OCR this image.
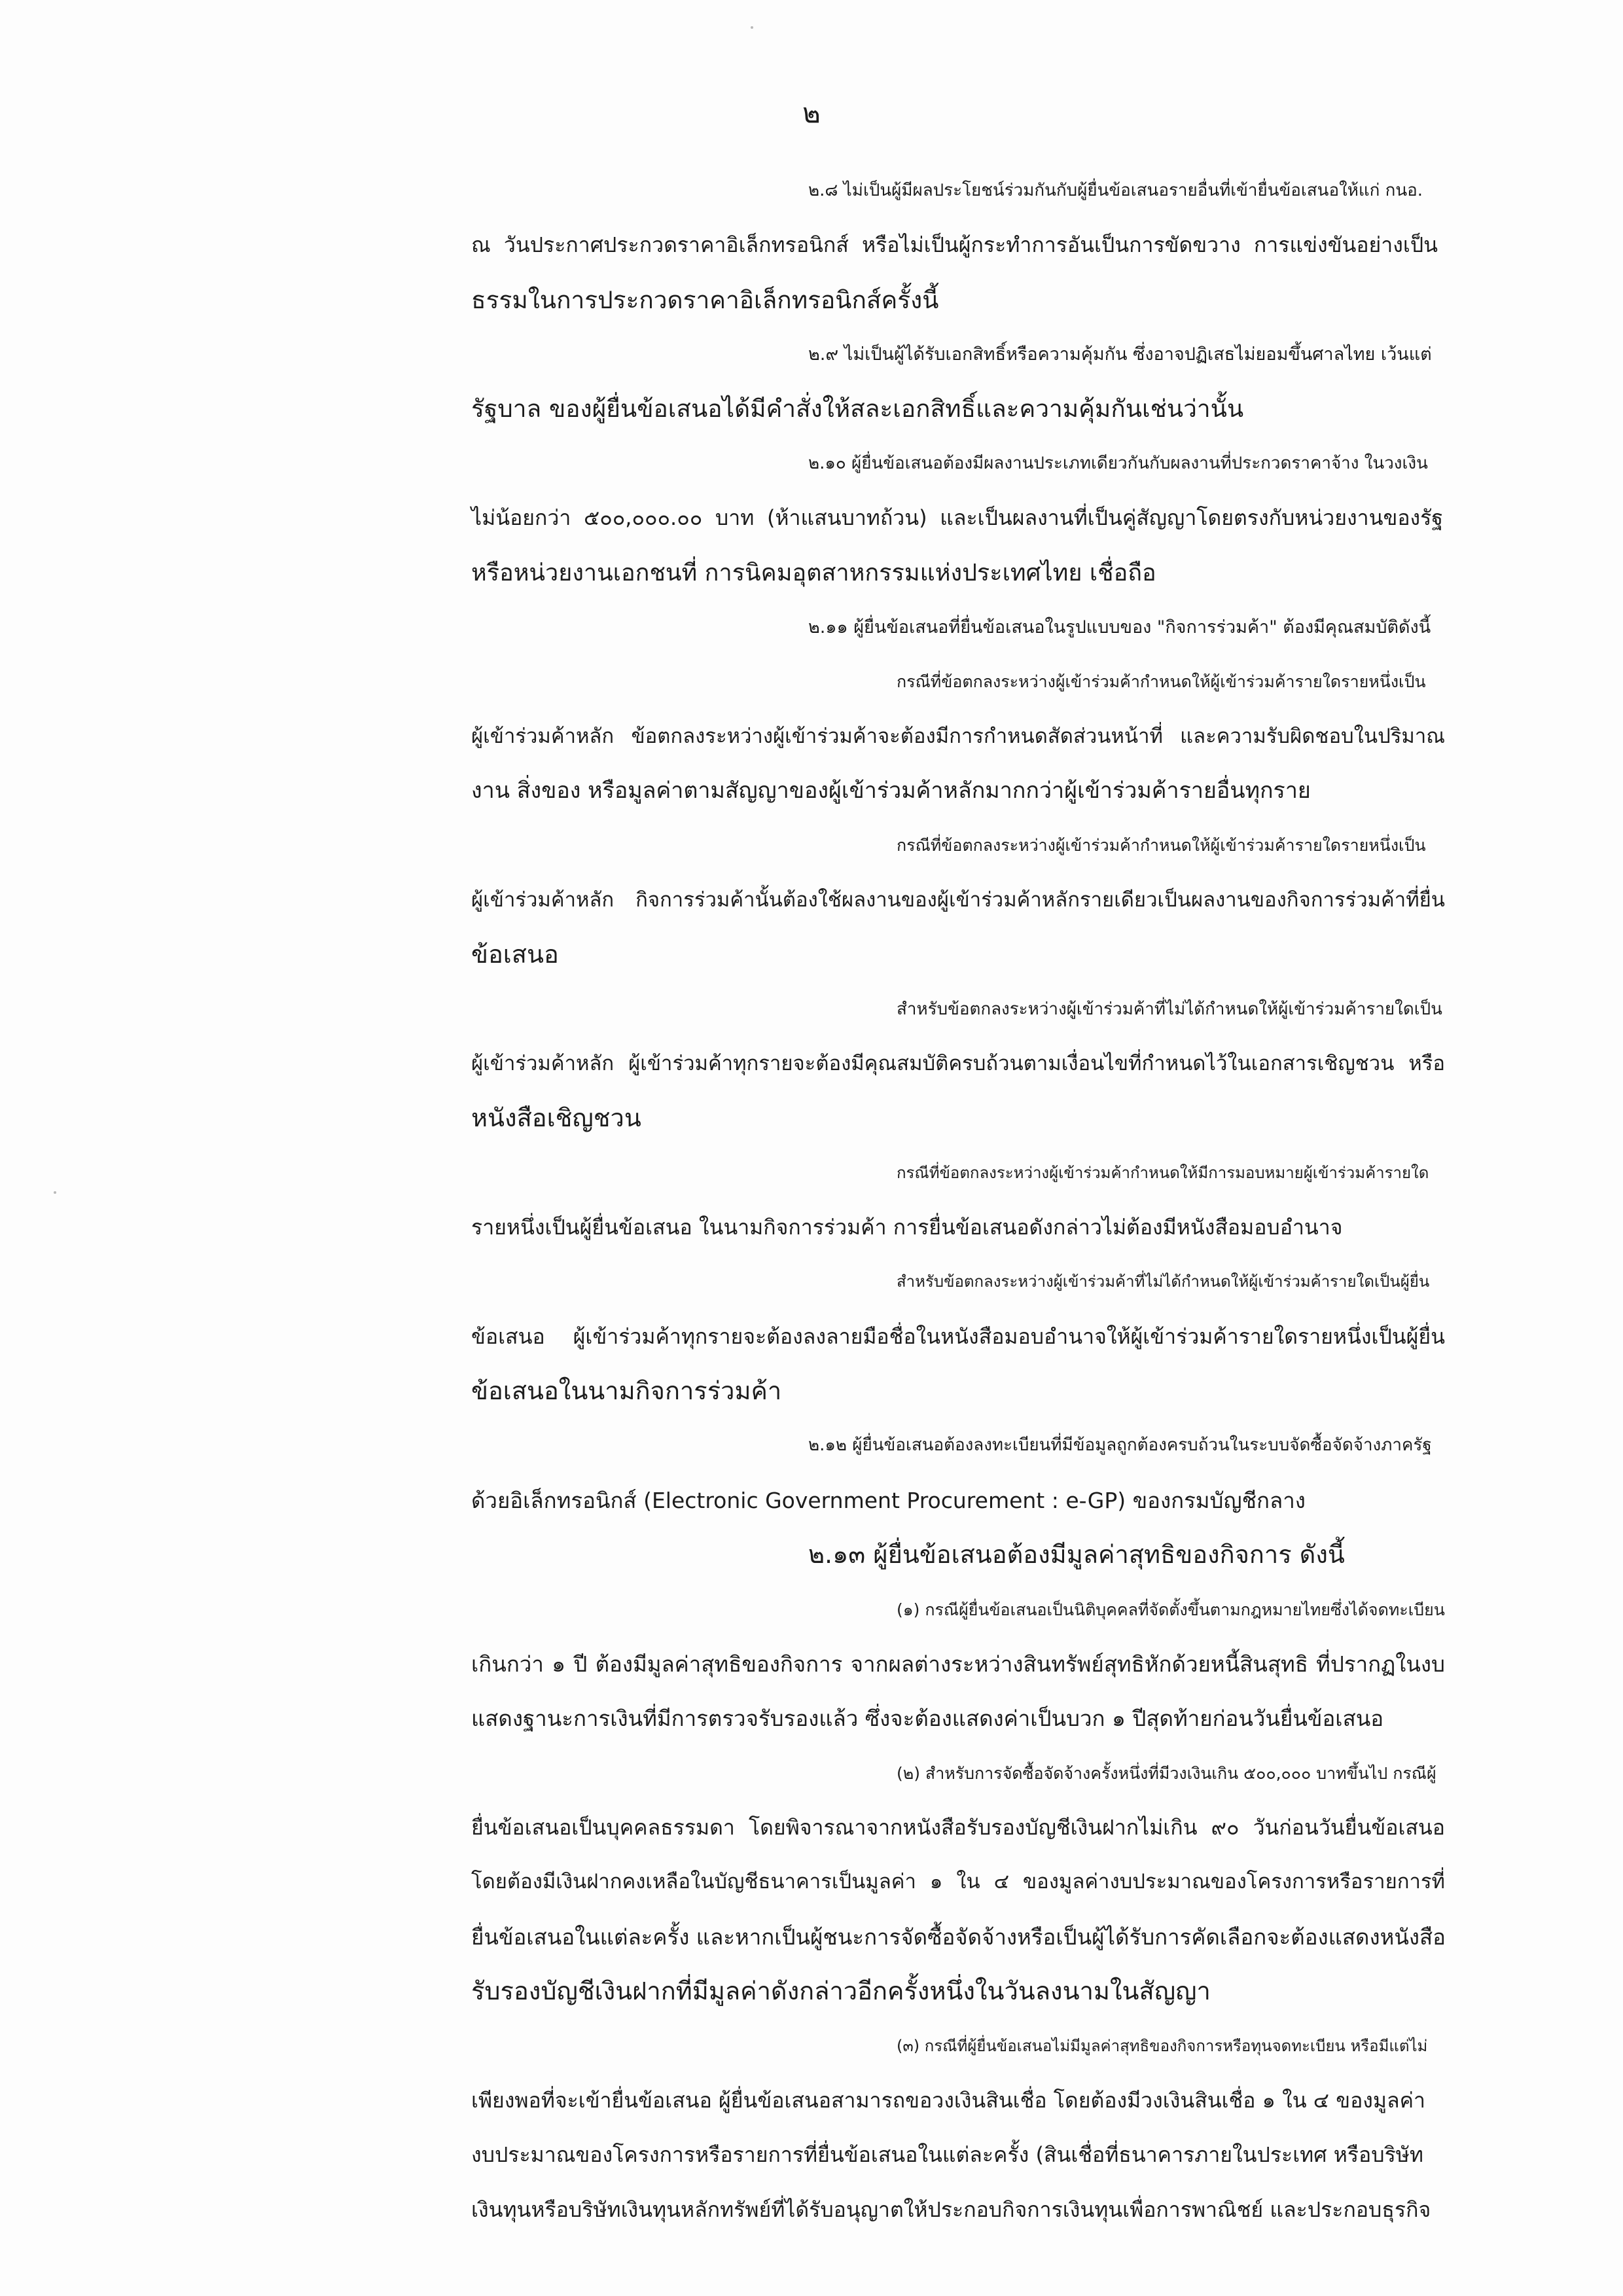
๒
๒.๘ ไม่เป็นผู้มีผลประโยชน์ร่วมกันกับผู้ยื่นข้อเสนอรายอื่นที่เข้ายื่นข้อเสนอให้แก่ กนอ.
ณ วันประกาศประกวดราคาอิเล็กทรอนิกส์ หรือไม่เป็นผู้กระทำการอันเป็นการขัดขวาง การแข่งขันอย่างเป็น
ธรรมในการประกวดราคาอิเล็กทรอนิกส์ครั้งนี้
๒.๙ ไม่เป็นผู้ได้รับเอกสิทธิ์หรือความคุ้มกัน ซึ่งอาจปฏิเสธไม่ยอมขึ้นศาลไทย เว้นแต่
รัฐบาล ของผู้ยื่นข้อเสนอได้มีคำสั่งให้สละเอกสิทธิ์และความคุ้มกันเช่นว่านั้น
๒.๑๐ ผู้ยื่นข้อเสนอต้องมีผลงานประเภทเดียวกันกับผลงานที่ประกวดราคาจ้าง ในวงเงิน
ไม่น้อยกว่า ๕๐๐,๐๐๐.๐๐ บาท (ห้าแสนบาทถ้วน) และเป็นผลงานที่เป็นคู่สัญญาโดยตรงกับหน่วยงานของรัฐ
หรือหน่วยงานเอกชนที่ การนิคมอุตสาหกรรมแห่งประเทศไทย เชื่อถือ
๒.๑๑ ผู้ยื่นข้อเสนอที่ยื่นข้อเสนอในรูปแบบของ "กิจการร่วมค้า" ต้องมีคุณสมบัติดังนี้
กรณีที่ข้อตกลงระหว่างผู้เข้าร่วมค้ากำหนดให้ผู้เข้าร่วมค้ารายใดรายหนึ่งเป็น
ผู้เข้าร่วมค้าหลัก ข้อตกลงระหว่างผู้เข้าร่วมค้าจะต้องมีการกำหนดสัดส่วนหน้าที่ และความรับผิดชอบในปริมาณ
งาน สิ่งของ หรือมูลค่าตามสัญญาของผู้เข้าร่วมค้าหลักมากกว่าผู้เข้าร่วมค้ารายอื่นทุกราย
กรณีที่ข้อตกลงระหว่างผู้เข้าร่วมค้ากำหนดให้ผู้เข้าร่วมค้ารายใดรายหนึ่งเป็น
ผู้เข้าร่วมค้าหลัก กิจการร่วมค้านั้นต้องใช้ผลงานของผู้เข้าร่วมค้าหลักรายเดียวเป็นผลงานของกิจการร่วมค้าที่ยื่น
ข้อเสนอ
สำหรับข้อตกลงระหว่างผู้เข้าร่วมค้าที่ไม่ได้กำหนดให้ผู้เข้าร่วมค้ารายใดเป็น
ผู้เข้าร่วมค้าหลัก ผู้เข้าร่วมค้าทุกรายจะต้องมีคุณสมบัติครบถ้วนตามเงื่อนไขที่กำหนดไว้ในเอกสารเชิญชวน หรือ
หนังสือเชิญชวน
กรณีที่ข้อตกลงระหว่างผู้เข้าร่วมค้ากำหนดให้มีการมอบหมายผู้เข้าร่วมค้ารายใด
รายหนึ่งเป็นผู้ยื่นข้อเสนอ ในนามกิจการร่วมค้า การยื่นข้อเสนอดังกล่าวไม่ต้องมีหนังสือมอบอำนาจ
สำหรับข้อตกลงระหว่างผู้เข้าร่วมค้าที่ไม่ได้กำหนดให้ผู้เข้าร่วมค้ารายใดเป็นผู้ยื่น
ข้อเสนอ ผู้เข้าร่วมค้าทุกรายจะต้องลงลายมือชื่อในหนังสือมอบอำนาจให้ผู้เข้าร่วมค้ารายใดรายหนึ่งเป็นผู้ยื่น
ข้อเสนอในนามกิจการร่วมค้า
๒.๑๒ ผู้ยื่นข้อเสนอต้องลงทะเบียนที่มีข้อมูลถูกต้องครบถ้วนในระบบจัดซื้อจัดจ้างภาครัฐ
ด้วยอิเล็กทรอนิกส์ (Electronic Government Procurement : e-GP) ของกรมบัญชีกลาง
๒.๑๓ ผู้ยื่นข้อเสนอต้องมีมูลค่าสุทธิของกิจการ ดังนี้
(๑) กรณีผู้ยื่นข้อเสนอเป็นนิติบุคคลที่จัดตั้งขึ้นตามกฎหมายไทยซึ่งได้จดทะเบียน
เกินกว่า ๑ ปี ต้องมีมูลค่าสุทธิของกิจการ จากผลต่างระหว่างสินทรัพย์สุทธิหักด้วยหนี้สินสุทธิ ที่ปรากฏในงบ
แสดงฐานะการเงินที่มีการตรวจรับรองแล้ว ซึ่งจะต้องแสดงค่าเป็นบวก ๑ ปีสุดท้ายก่อนวันยื่นข้อเสนอ
(๒) สำหรับการจัดซื้อจัดจ้างครั้งหนึ่งที่มีวงเงินเกิน ๕๐๐,๐๐๐ บาทขึ้นไป กรณีผู้
ยื่นข้อเสนอเป็นบุคคลธรรมดา โดยพิจารณาจากหนังสือรับรองบัญชีเงินฝากไม่เกิน ๙๐ วันก่อนวันยื่นข้อเสนอ
โดยต้องมีเงินฝากคงเหลือในบัญชีธนาคารเป็นมูลค่า ๑ ใน ๔ ของมูลค่างบประมาณของโครงการหรือรายการที่
ยื่นข้อเสนอในแต่ละครั้ง และหากเป็นผู้ชนะการจัดซื้อจัดจ้างหรือเป็นผู้ได้รับการคัดเลือกจะต้องแสดงหนังสือ
รับรองบัญชีเงินฝากที่มีมูลค่าดังกล่าวอีกครั้งหนึ่งในวันลงนามในสัญญา
(๓) กรณีที่ผู้ยื่นข้อเสนอไม่มีมูลค่าสุทธิของกิจการหรือทุนจดทะเบียน หรือมีแต่ไม่
เพียงพอที่จะเข้ายื่นข้อเสนอ ผู้ยื่นข้อเสนอสามารถขอวงเงินสินเชื่อ โดยต้องมีวงเงินสินเชื่อ ๑ ใน ๔ ของมูลค่า
งบประมาณของโครงการหรือรายการที่ยื่นข้อเสนอในแต่ละครั้ง (สินเชื่อที่ธนาคารภายในประเทศ หรือบริษัท
เงินทุนหรือบริษัทเงินทุนหลักทรัพย์ที่ได้รับอนุญาตให้ประกอบกิจการเงินทุนเพื่อการพาณิชย์ และประกอบธุรกิจ
